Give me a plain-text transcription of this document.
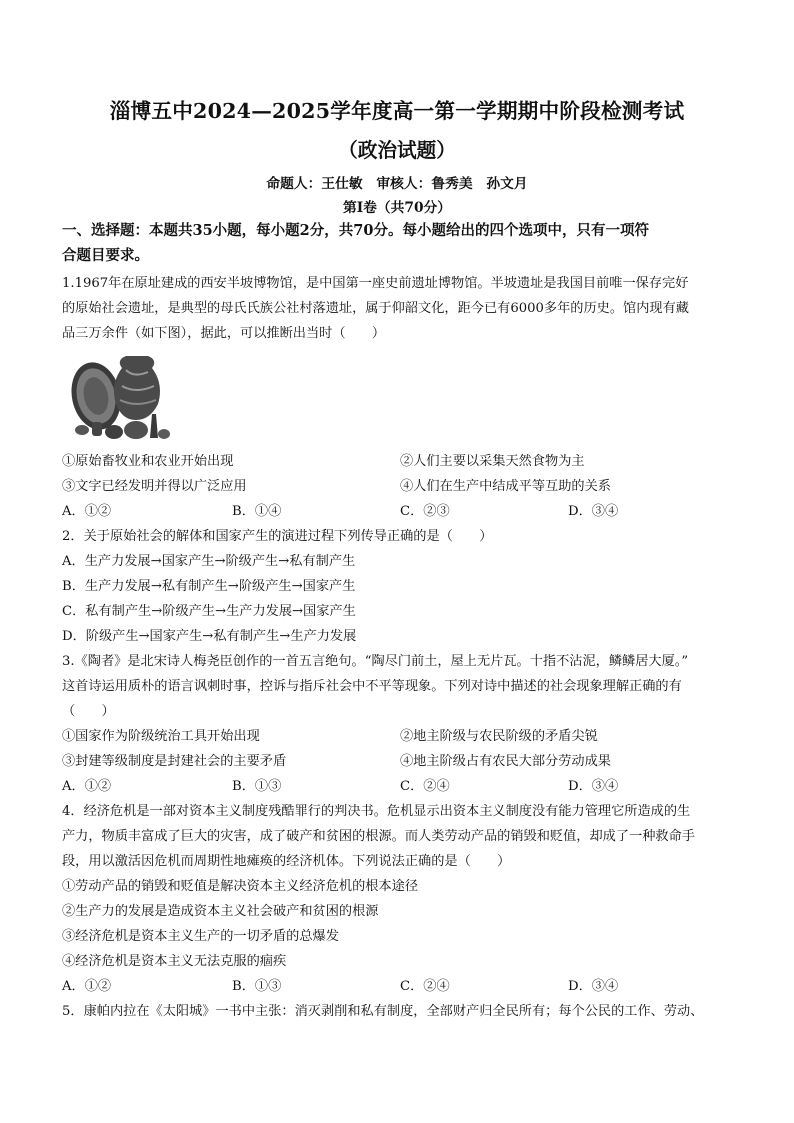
淄博五中2024—2025学年度高一第一学期期中阶段检测考试
（政治试题）
命题人：王仕敏　审核人：鲁秀美　孙文月
第Ⅰ卷（共70分）
一、选择题：本题共35小题，每小题2分，共70分。每小题给出的四个选项中，只有一项符
合题目要求。
1.1967年在原址建成的西安半坡博物馆，是中国第一座史前遗址博物馆。半坡遗址是我国目前唯一保存完好
的原始社会遗址，是典型的母氏氏族公社村落遗址，属于仰韶文化，距今已有6000多年的历史。馆内现有藏
品三万余件（如下图），据此，可以推断出当时（　　）
①原始畜牧业和农业开始出现	②人们主要以采集天然食物为主
③文字已经发明并得以广泛应用	④人们在生产中结成平等互助的关系
A．①②	B．①④	C．②③	D．③④
2．关于原始社会的解体和国家产生的演进过程下列传导正确的是（　　）
A．生产力发展→国家产生→阶级产生→私有制产生
B．生产力发展→私有制产生→阶级产生→国家产生
C．私有制产生→阶级产生→生产力发展→国家产生
D．阶级产生→国家产生→私有制产生→生产力发展
3.《陶者》是北宋诗人梅尧臣创作的一首五言绝句。“陶尽门前土，屋上无片瓦。十指不沾泥，鳞鳞居大厦。”
这首诗运用质朴的语言讽刺时事，控诉与指斥社会中不平等现象。下列对诗中描述的社会现象理解正确的有
（　　）
①国家作为阶级统治工具开始出现	②地主阶级与农民阶级的矛盾尖锐
③封建等级制度是封建社会的主要矛盾	④地主阶级占有农民大部分劳动成果
A．①②	B．①③	C．②④	D．③④
4．经济危机是一部对资本主义制度残酷罪行的判决书。危机显示出资本主义制度没有能力管理它所造成的生
产力，物质丰富成了巨大的灾害，成了破产和贫困的根源。而人类劳动产品的销毁和贬值，却成了一种救命手
段，用以激活因危机而周期性地瘫痪的经济机体。下列说法正确的是（　　）
①劳动产品的销毁和贬值是解决资本主义经济危机的根本途径
②生产力的发展是造成资本主义社会破产和贫困的根源
③经济危机是资本主义生产的一切矛盾的总爆发
④经济危机是资本主义无法克服的痼疾
A．①②	B．①③	C．②④	D．③④
5．康帕内拉在《太阳城》一书中主张：消灭剥削和私有制度，全部财产归全民所有；每个公民的工作、劳动、
